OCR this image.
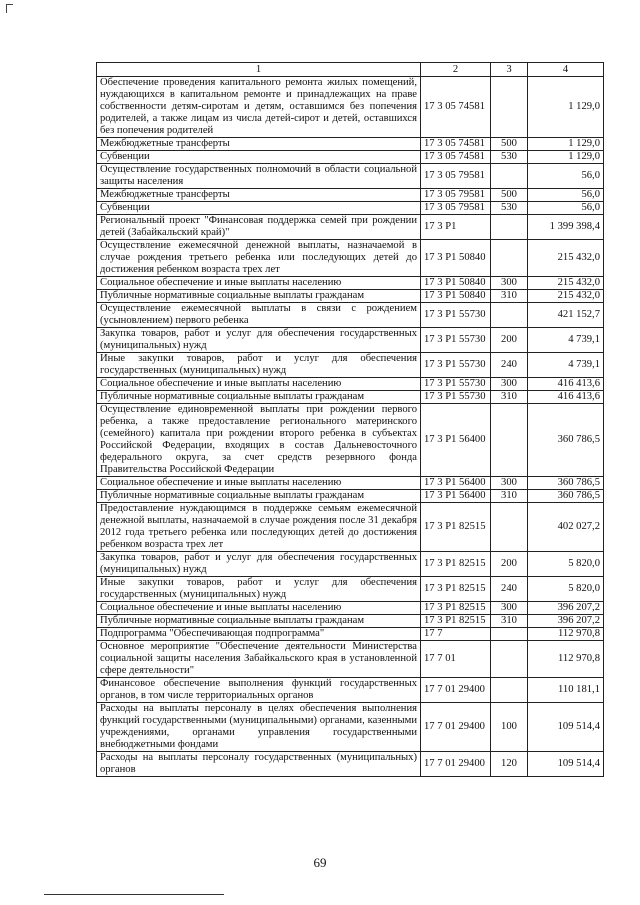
1	2	3	4
Обеспечение проведения капитального ремонта жилых помещений, нуждающихся в капитальном ремонте и принадлежащих на праве собственности детям-сиротам и детям, оставшимся без попечения родителей, а также лицам из числа детей-сирот и детей, оставшихся без попечения родителей	17 3 05 74581		1 129,0
Межбюджетные трансферты	17 3 05 74581	500	1 129,0
Субвенции	17 3 05 74581	530	1 129,0
Осуществление государственных полномочий в области социальной защиты населения	17 3 05 79581		56,0
Межбюджетные трансферты	17 3 05 79581	500	56,0
Субвенции	17 3 05 79581	530	56,0
Региональный проект "Финансовая поддержка семей при рождении детей (Забайкальский край)"	17 3 P1		1 399 398,4
Осуществление ежемесячной денежной выплаты, назначаемой в случае рождения третьего ребенка или последующих детей до достижения ребенком возраста трех лет	17 3 P1 50840		215 432,0
Социальное обеспечение и иные выплаты населению	17 3 P1 50840	300	215 432,0
Публичные нормативные социальные выплаты гражданам	17 3 P1 50840	310	215 432,0
Осуществление ежемесячной выплаты в связи с рождением (усыновлением) первого ребенка	17 3 P1 55730		421 152,7
Закупка товаров, работ и услуг для обеспечения государственных (муниципальных) нужд	17 3 P1 55730	200	4 739,1
Иные закупки товаров, работ и услуг для обеспечения государственных (муниципальных) нужд	17 3 P1 55730	240	4 739,1
Социальное обеспечение и иные выплаты населению	17 3 P1 55730	300	416 413,6
Публичные нормативные социальные выплаты гражданам	17 3 P1 55730	310	416 413,6
Осуществление единовременной выплаты при рождении первого ребенка, а также предоставление регионального материнского (семейного) капитала при рождении второго ребенка в субъектах Российской Федерации, входящих в состав Дальневосточного федерального округа, за счет средств резервного фонда Правительства Российской Федерации	17 3 P1 56400		360 786,5
Социальное обеспечение и иные выплаты населению	17 3 P1 56400	300	360 786,5
Публичные нормативные социальные выплаты гражданам	17 3 P1 56400	310	360 786,5
Предоставление нуждающимся в поддержке семьям ежемесячной денежной выплаты, назначаемой в случае рождения после 31 декабря 2012 года третьего ребенка или последующих детей до достижения ребенком возраста трех лет	17 3 P1 82515		402 027,2
Закупка товаров, работ и услуг для обеспечения государственных (муниципальных) нужд	17 3 P1 82515	200	5 820,0
Иные закупки товаров, работ и услуг для обеспечения государственных (муниципальных) нужд	17 3 P1 82515	240	5 820,0
Социальное обеспечение и иные выплаты населению	17 3 P1 82515	300	396 207,2
Публичные нормативные социальные выплаты гражданам	17 3 P1 82515	310	396 207,2
Подпрограмма "Обеспечивающая подпрограмма"	17 7		112 970,8
Основное мероприятие "Обеспечение деятельности Министерства социальной защиты населения Забайкальского края в установленной сфере деятельности"	17 7 01		112 970,8
Финансовое обеспечение выполнения функций государственных органов, в том числе территориальных органов	17 7 01 29400		110 181,1
Расходы на выплаты персоналу в целях обеспечения выполнения функций государственными (муниципальными) органами, казенными учреждениями, органами управления государственными внебюджетными фондами	17 7 01 29400	100	109 514,4
Расходы на выплаты персоналу государственных (муниципальных) органов	17 7 01 29400	120	109 514,4
69
